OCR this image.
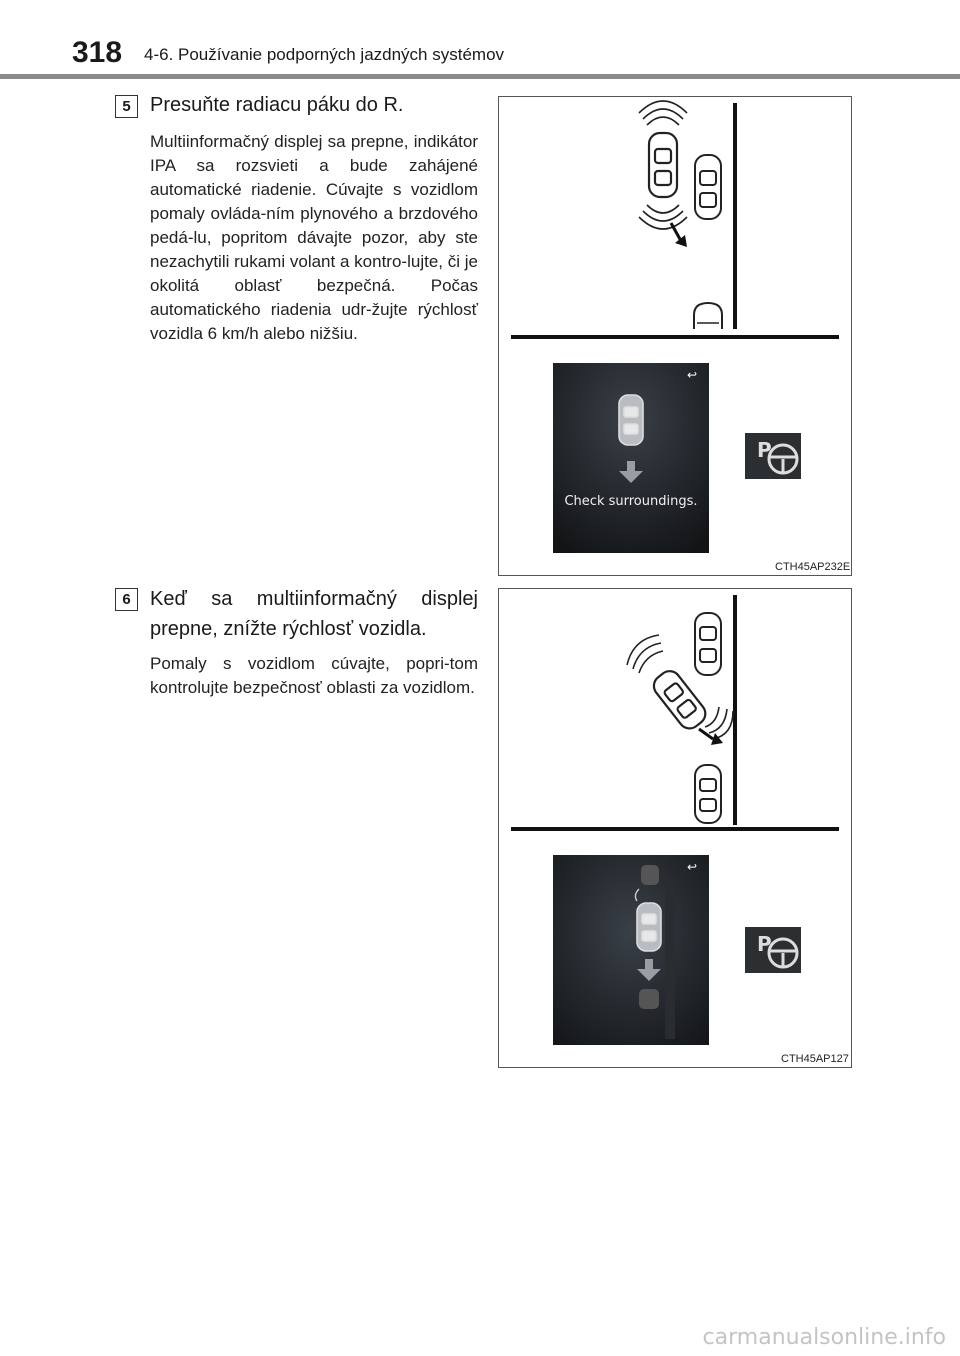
318 4-6. Používanie podporných jazdných systémov
5 Presuňte radiacu páku do R.
Multiinformačný displej sa prepne, indikátor IPA sa rozsvieti a bude zahájené automatické riadenie. Cúvajte s vozidlom pomaly ovláda-ním plynového a brzdového pedá-lu, popritom dávajte pozor, aby ste nezachytili rukami volant a kontro-lujte, či je okolitá oblasť bezpečná. Počas automatického riadenia udr-žujte rýchlosť vozidla 6 km/h alebo nižšiu.
↩
Check surroundings.
P
CTH45AP232E
6 Keď sa multiinformačný displej
prepne, znížte rýchlosť vozidla.
Pomaly s vozidlom cúvajte, popri-tom kontrolujte bezpečnosť oblasti za vozidlom.
↩
P
CTH45AP127
carmanualsonline.info
